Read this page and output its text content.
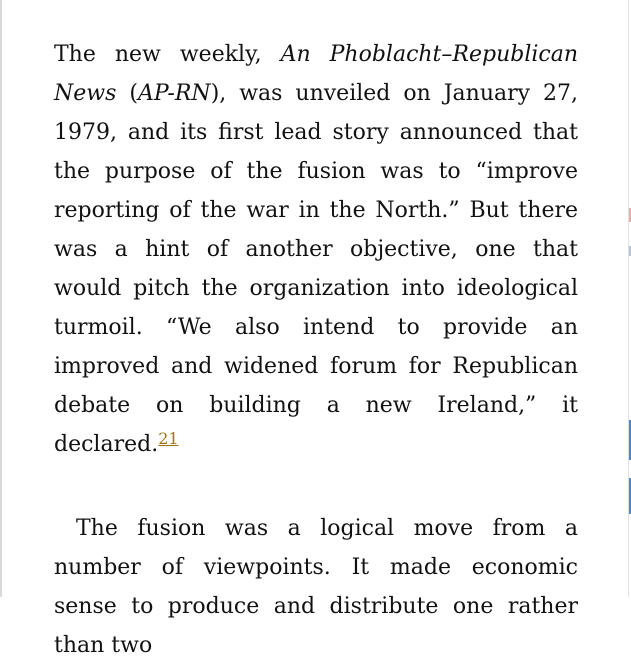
The new weekly, An Phoblacht–Republican News (AP-RN), was unveiled on January 27, 1979, and its first lead story announced that the purpose of the fusion was to “improve reporting of the war in the North.” But there was a hint of another objective, one that would pitch the organization into ideological turmoil. “We also intend to provide an improved and widened forum for Republican debate on building a new Ireland,” it declared.$^{21}$

The fusion was a logical move from a number of viewpoints. It made economic sense to produce and distribute one rather than two
